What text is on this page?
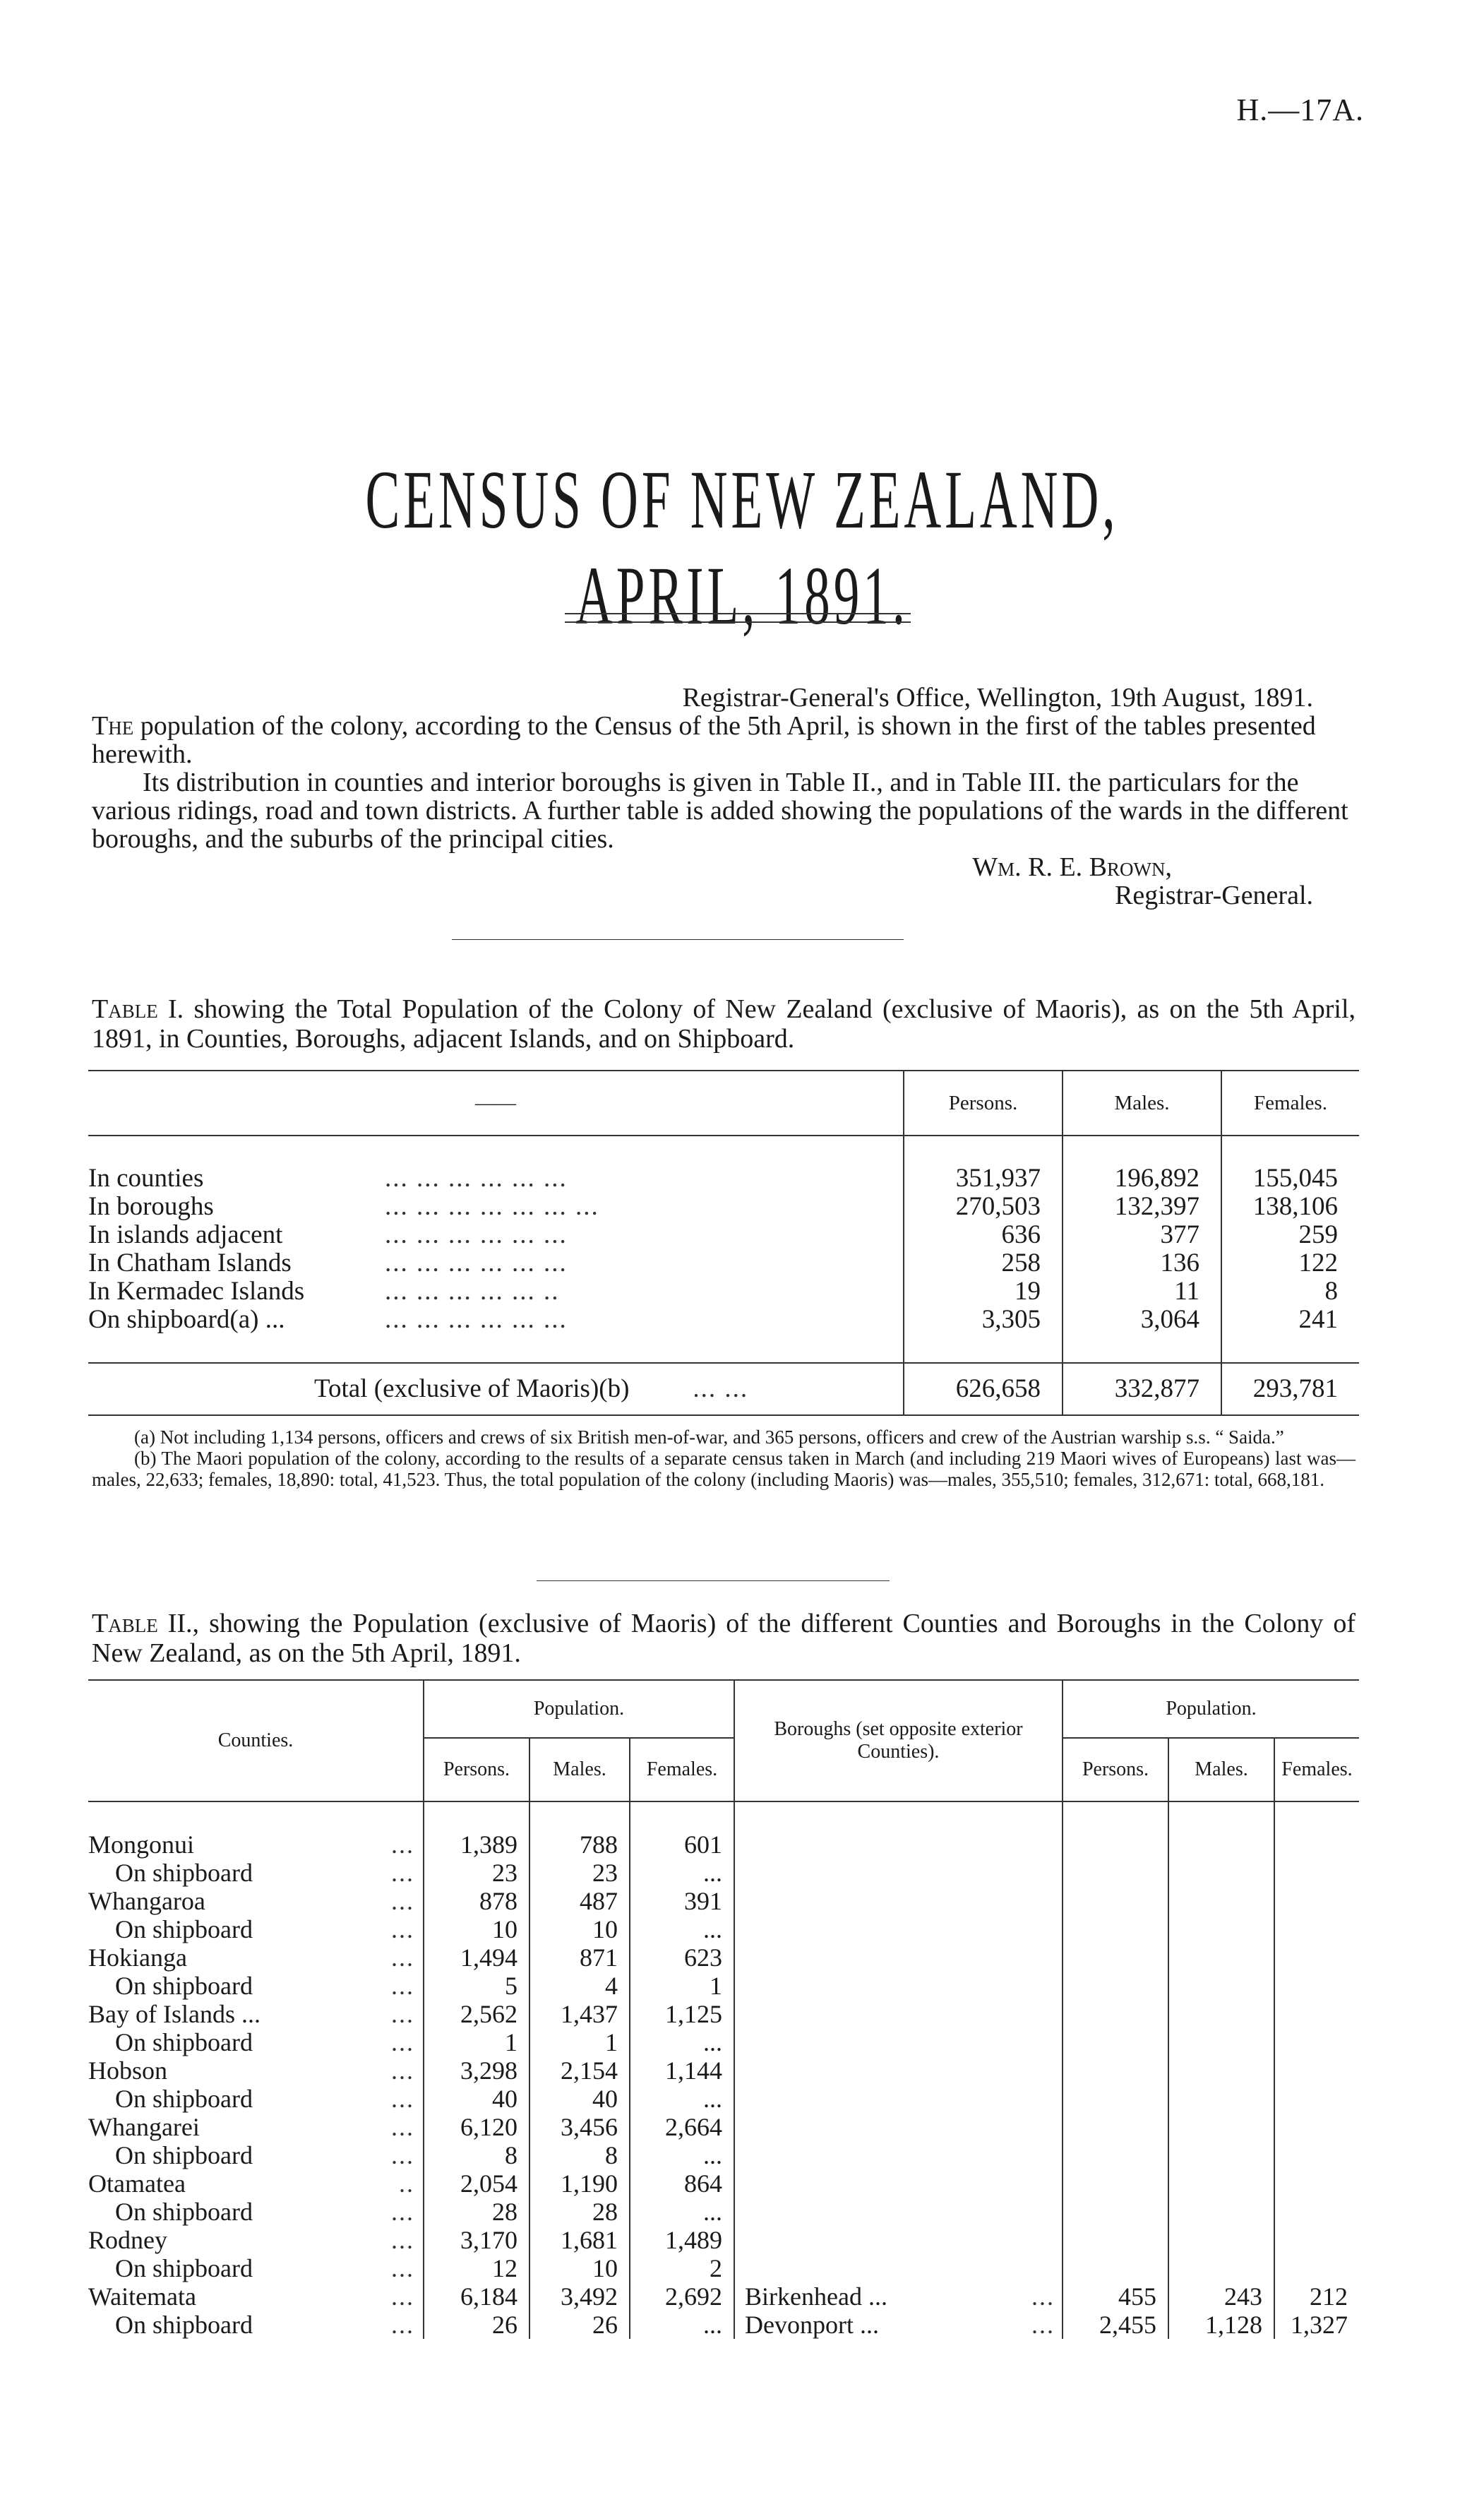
H.—17A.
CENSUS OF NEW ZEALAND, APRIL, 1891.

Registrar-General's Office, Wellington, 19th August, 1891.

The population of the colony, according to the Census of the 5th April, is shown in the first of the tables presented herewith.

Its distribution in counties and interior boroughs is given in Table II., and in Table III. the particulars for the various ridings, road and town districts. A further table is added showing the populations of the wards in the different boroughs, and the suburbs of the principal cities.

Wm. R. E. Brown,

Registrar-General.

Table I. showing the Total Population of the Colony of New Zealand (exclusive of Maoris), as on the 5th April, 1891, in Counties, Boroughs, adjacent Islands, and on Shipboard.
——	Persons.	Males.	Females.

In counties ... ... ... ... ... ...	351,937	196,892	155,045
In boroughs ... ... ... ... ... ... ...	270,503	132,397	138,106
In islands adjacent ... ... ... ... ... ...	636	377	259
In Chatham Islands ... ... ... ... ... ...	258	136	122
In Kermadec Islands ... ... ... ... ... ..	19	11	8
On shipboard(a) ... ... ... ... ... ... ...	3,305	3,064	241

Total (exclusive of Maoris)(b) ... ...	626,658	332,877	293,781

(a) Not including 1,134 persons, officers and crews of six British men-of-war, and 365 persons, officers and crew of the Austrian warship s.s. “ Saida.”

(b) The Maori population of the colony, according to the results of a separate census taken in March (and including 219 Maori wives of Europeans) last was—males, 22,633; females, 18,890: total, 41,523. Thus, the total population of the colony (including Maoris) was—males, 355,510; females, 312,671: total, 668,181.

Table II., showing the Population (exclusive of Maoris) of the different Counties and Boroughs in the Colony of New Zealand, as on the 5th April, 1891.
Counties.	Population.			Boroughs (set opposite exterior Counties).	Population.		
	Persons.	Males.	Females.		Persons.	Males.	Females.

Mongonui ...	1,389	788	601				
On shipboard ...	23	23	...				
Whangaroa ...	878	487	391				
On shipboard ...	10	10	...				
Hokianga ...	1,494	871	623				
On shipboard ...	5	4	1				
Bay of Islands ... ...	2,562	1,437	1,125				
On shipboard ...	1	1	...				
Hobson ...	3,298	2,154	1,144				
On shipboard ...	40	40	...				
Whangarei ...	6,120	3,456	2,664				
On shipboard ...	8	8	...				
Otamatea ..	2,054	1,190	864				
On shipboard ...	28	28	...				
Rodney ...	3,170	1,681	1,489				
On shipboard ...	12	10	2				
Waitemata ...	6,184	3,492	2,692	Birkenhead ... ...	455	243	212
On shipboard ...	26	26	...	Devonport ... ...	2,455	1,128	1,327
